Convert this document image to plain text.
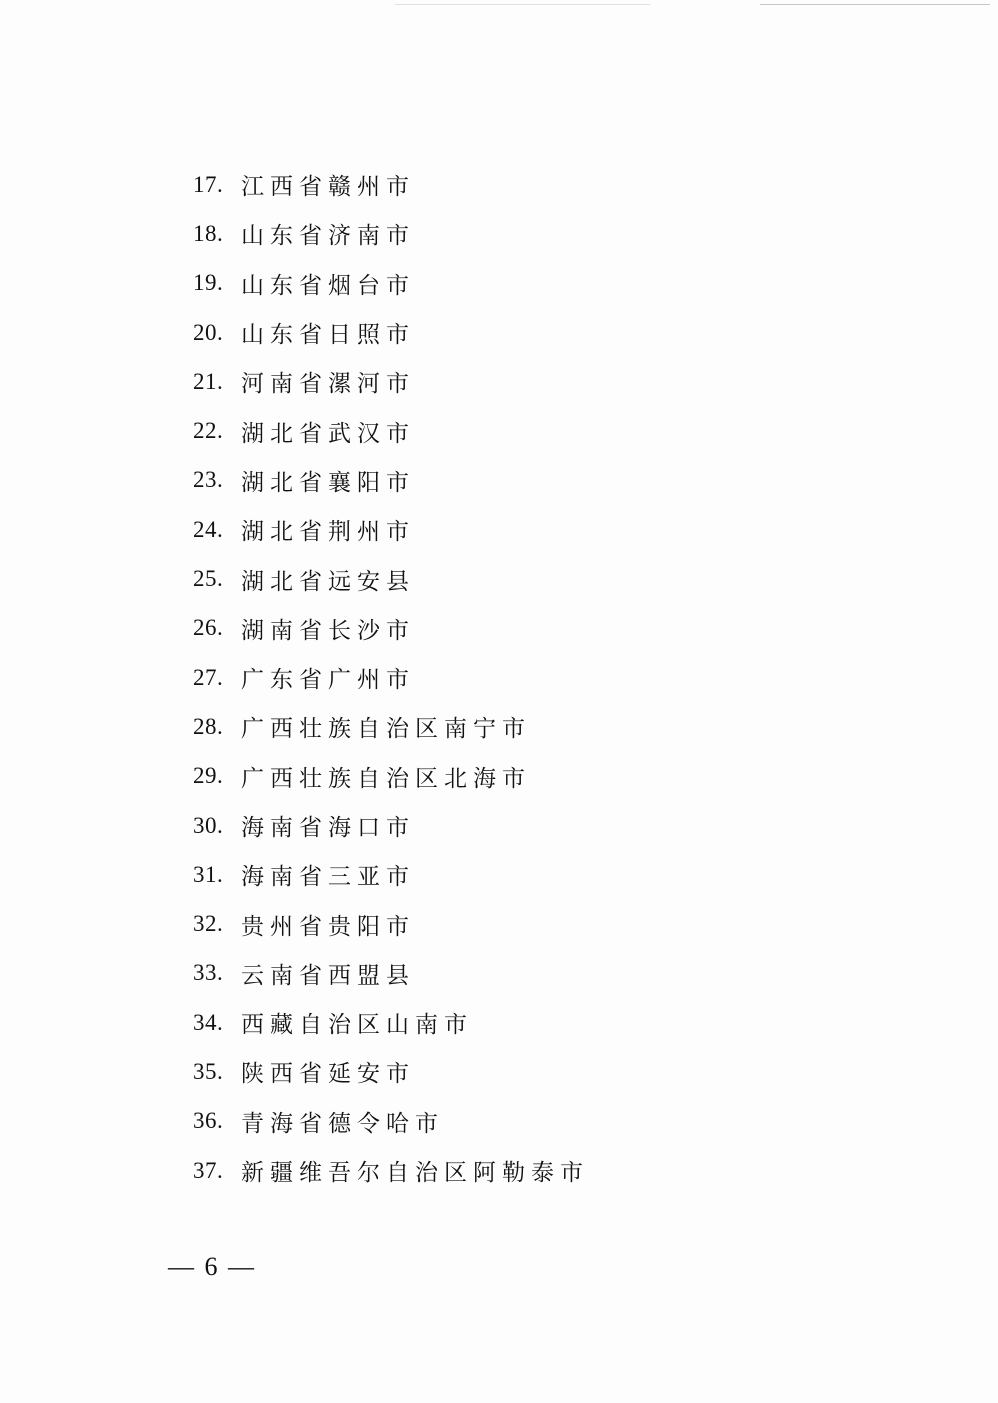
17. 江西省赣州市
18. 山东省济南市
19. 山东省烟台市
20. 山东省日照市
21. 河南省漯河市
22. 湖北省武汉市
23. 湖北省襄阳市
24. 湖北省荆州市
25. 湖北省远安县
26. 湖南省长沙市
27. 广东省广州市
28. 广西壮族自治区南宁市
29. 广西壮族自治区北海市
30. 海南省海口市
31. 海南省三亚市
32. 贵州省贵阳市
33. 云南省西盟县
34. 西藏自治区山南市
35. 陕西省延安市
36. 青海省德令哈市
37. 新疆维吾尔自治区阿勒泰市
— 6 —
